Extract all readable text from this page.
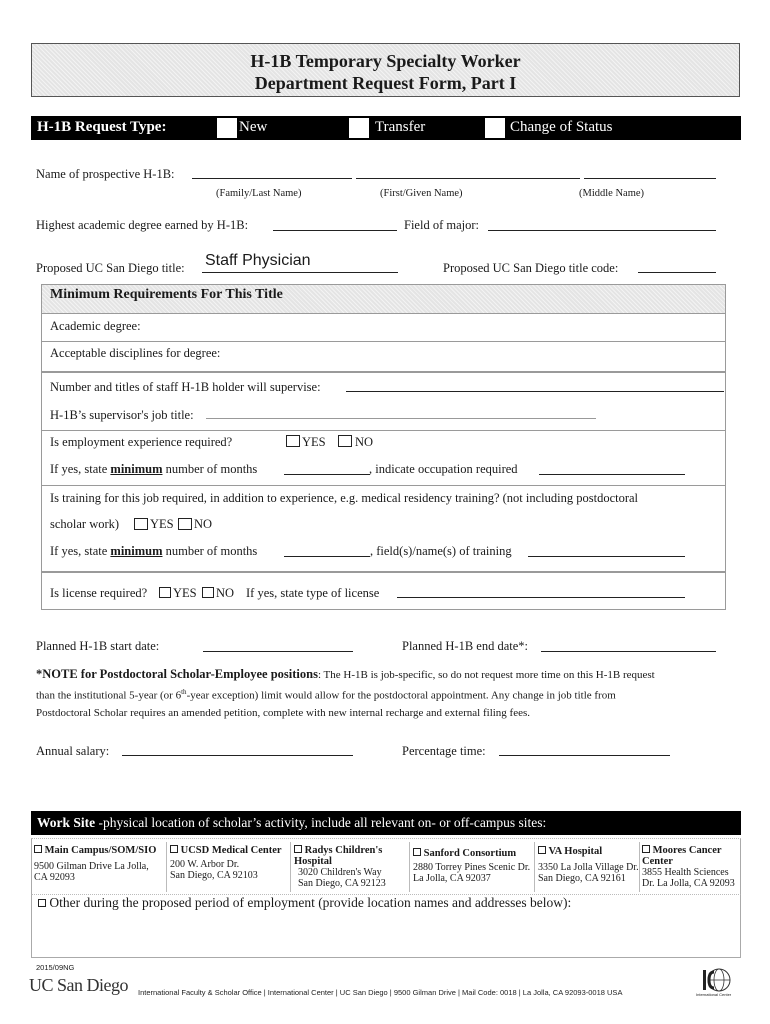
H-1B Temporary Specialty Worker
Department Request Form, Part I
H-1B Request Type:	New	Transfer	Change of Status
Name of prospective H-1B:
(Family/Last Name)	(First/Given Name)	(Middle Name)
Highest academic degree earned by H-1B:	Field of major:
Proposed UC San Diego title: Staff Physician	Proposed UC San Diego title code:
Minimum Requirements For This Title
Academic degree:
Acceptable disciplines for degree:
Number and titles of staff H-1B holder will supervise:
H-1B’s supervisor's job title:
Is employment experience required?	YES NO
If yes, state minimum number of months	, indicate occupation required
Is training for this job required, in addition to experience, e.g. medical residency training? (not including postdoctoral
scholar work) YES NO
If yes, state minimum number of months	, field(s)/name(s) of training
Is license required? YES NO If yes, state type of license
Planned H-1B start date:	Planned H-1B end date*:
*NOTE for Postdoctoral Scholar-Employee positions: The H-1B is job-specific, so do not request more time on this H-1B request
than the institutional 5-year (or 6th-year exception) limit would allow for the postdoctoral appointment. Any change in job title from
Postdoctoral Scholar requires an amended petition, complete with new internal recharge and external filing fees.
Annual salary:	Percentage time:
Work Site -physical location of scholar’s activity, include all relevant on- or off-campus sites:
Main Campus/SOM/SIO
9500 Gilman Drive La Jolla,
CA 92093
UCSD Medical Center
200 W. Arbor Dr.
San Diego, CA 92103
Radys Children's
Hospital
3020 Children's Way
San Diego, CA 92123
Sanford Consortium
2880 Torrey Pines Scenic Dr.
La Jolla, CA 92037
VA Hospital
3350 La Jolla Village Dr.
San Diego, CA 92161
Moores Cancer
Center
3855 Health Sciences
Dr. La Jolla, CA 92093
Other during the proposed period of employment (provide location names and addresses below):
2015/09NG
UC San Diego International Faculty & Scholar Office | International Center | UC San Diego | 9500 Gilman Drive | Mail Code: 0018 | La Jolla, CA 92093-0018 USA	International Center
